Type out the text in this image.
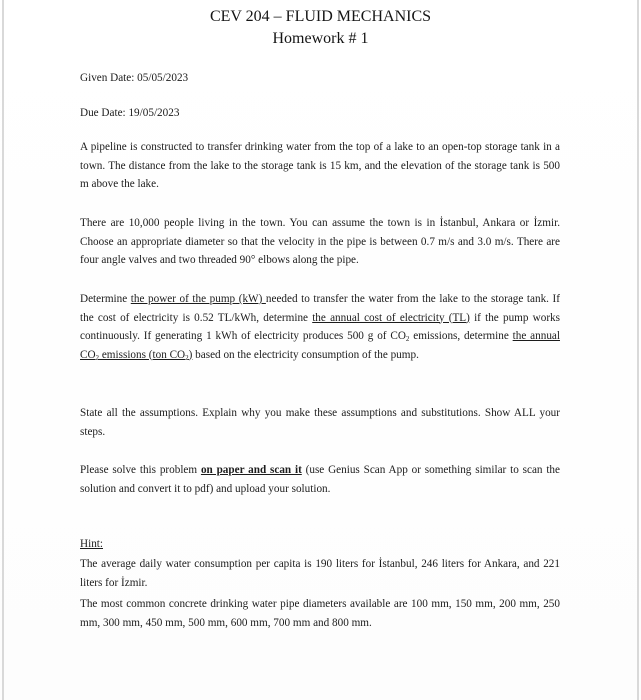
CEV 204 – FLUID MECHANICS
Homework # 1
Given Date: 05/05/2023
Due Date: 19/05/2023

A pipeline is constructed to transfer drinking water from the top of a lake to an open-top storage tank in a town. The distance from the lake to the storage tank is 15 km, and the elevation of the storage tank is 500 m above the lake.

There are 10,000 people living in the town. You can assume the town is in İstanbul, Ankara or İzmir. Choose an appropriate diameter so that the velocity in the pipe is between 0.7 m/s and 3.0 m/s. There are four angle valves and two threaded 90° elbows along the pipe.

Determine the power of the pump (kW) needed to transfer the water from the lake to the storage tank. If the cost of electricity is 0.52 TL/kWh, determine the annual cost of electricity (TL) if the pump works continuously. If generating 1 kWh of electricity produces 500 g of $CO_2$ emissions, determine the annual $CO_2$ emissions (ton $CO_2$) based on the electricity consumption of the pump.

State all the assumptions. Explain why you make these assumptions and substitutions. Show ALL your steps.

Please solve this problem on paper and scan it (use Genius Scan App or something similar to scan the solution and convert it to pdf) and upload your solution.

Hint:

The average daily water consumption per capita is 190 liters for İstanbul, 246 liters for Ankara, and 221 liters for İzmir.

The most common concrete drinking water pipe diameters available are 100 mm, 150 mm, 200 mm, 250 mm, 300 mm, 450 mm, 500 mm, 600 mm, 700 mm and 800 mm.
